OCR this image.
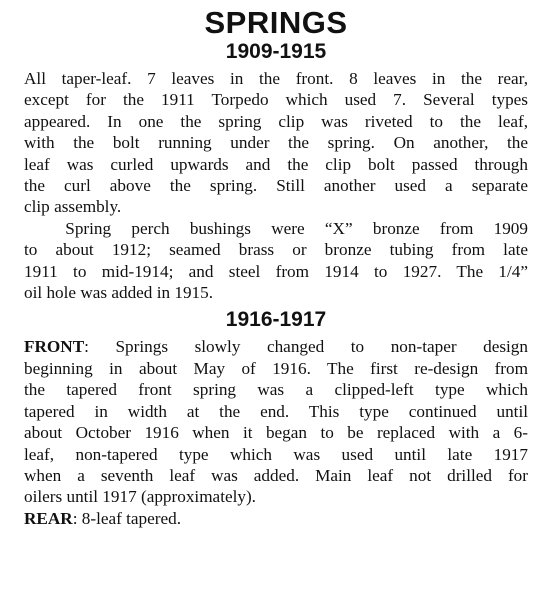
SPRINGS
1909-1915
All taper-leaf. 7 leaves in the front. 8 leaves in the rear,
except for the 1911 Torpedo which used 7. Several types
appeared. In one the spring clip was riveted to the leaf,
with the bolt running under the spring. On another, the
leaf was curled upwards and the clip bolt passed through
the curl above the spring. Still another used a separate
clip assembly.
Spring perch bushings were “X” bronze from 1909
to about 1912; seamed brass or bronze tubing from late
1911 to mid-1914; and steel from 1914 to 1927. The 1/4”
oil hole was added in 1915.
1916-1917
FRONT: Springs slowly changed to non-taper design
beginning in about May of 1916. The first re-design from
the tapered front spring was a clipped-left type which
tapered in width at the end. This type continued until
about October 1916 when it began to be replaced with a 6-
leaf, non-tapered type which was used until late 1917
when a seventh leaf was added. Main leaf not drilled for
oilers until 1917 (approximately).
REAR: 8-leaf tapered.
